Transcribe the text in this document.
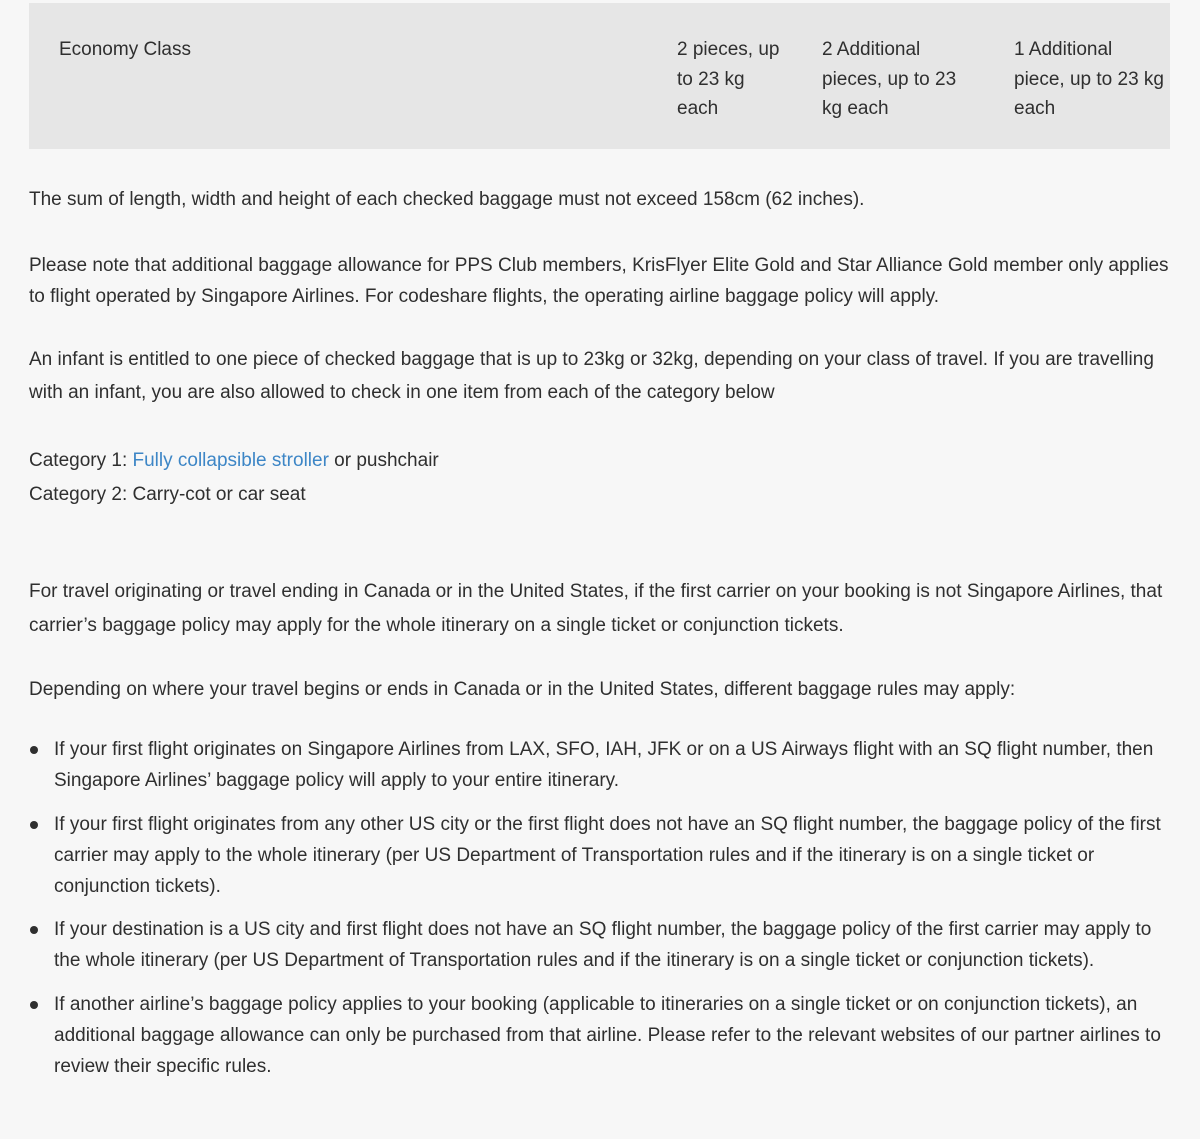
Economy Class	2 pieces, up to 23 kg each
2 Additional pieces, up to 23 kg each
1 Additional piece, up to 23 kg each

The sum of length, width and height of each checked baggage must not exceed 158cm (62 inches).

Please note that additional baggage allowance for PPS Club members, KrisFlyer Elite Gold and Star Alliance Gold member only applies to flight operated by Singapore Airlines. For codeshare flights, the operating airline baggage policy will apply.

An infant is entitled to one piece of checked baggage that is up to 23kg or 32kg, depending on your class of travel. If you are travelling with an infant, you are also allowed to check in one item from each of the category below

Category 1: Fully collapsible stroller or pushchair
Category 2: Carry-cot or car seat

For travel originating or travel ending in Canada or in the United States, if the first carrier on your booking is not Singapore Airlines, that carrier’s baggage policy may apply for the whole itinerary on a single ticket or conjunction tickets.

Depending on where your travel begins or ends in Canada or in the United States, different baggage rules may apply:

If your first flight originates on Singapore Airlines from LAX, SFO, IAH, JFK or on a US Airways flight with an SQ flight number, then Singapore Airlines’ baggage policy will apply to your entire itinerary.
If your first flight originates from any other US city or the first flight does not have an SQ flight number, the baggage policy of the first carrier may apply to the whole itinerary (per US Department of Transportation rules and if the itinerary is on a single ticket or conjunction tickets).
If your destination is a US city and first flight does not have an SQ flight number, the baggage policy of the first carrier may apply to the whole itinerary (per US Department of Transportation rules and if the itinerary is on a single ticket or conjunction tickets).
If another airline’s baggage policy applies to your booking (applicable to itineraries on a single ticket or on conjunction tickets), an additional baggage allowance can only be purchased from that airline. Please refer to the relevant websites of our partner airlines to review their specific rules.
